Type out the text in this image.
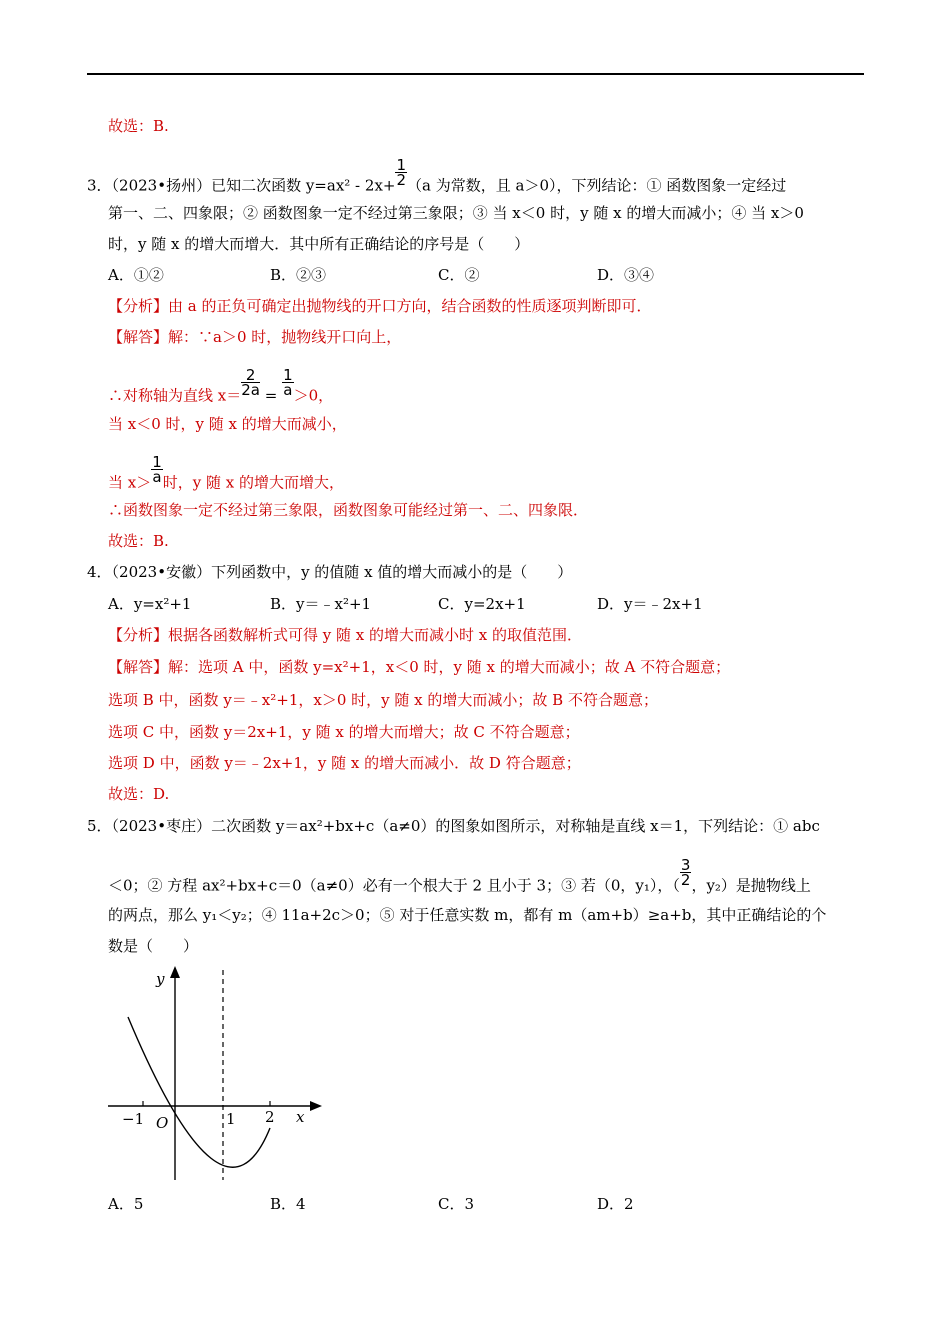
故选：B.
3．（2023•扬州）已知二次函数 $y=ax^2 - 2x+ \frac{1}{2} (a$ 为常数，且 a＞0），下列结论：① 函数图象一定经过
第一、二、四象限；② 函数图象一定不经过第三象限；③ 当 x＜0 时，y 随 x 的增大而减小；④ 当 x＞0
时，y 随 x 的增大而增大．其中所有正确结论的序号是（　　）
A．①②	B．②③	C．②	D．③④
【分析】由 a 的正负可确定出抛物线的开口方向，结合函数的性质逐项判断即可．
【解答】解：∵a＞0 时，抛物线开口向上，
∴对称轴为直线 $x= \frac{2}{2a} = \frac{1}{a} >0$，
当 x＜0 时，y 随 x 的增大而减小，
当 $x> \frac{1}{a}$ 时，y 随 x 的增大而增大，
∴函数图象一定不经过第三象限，函数图象可能经过第一、二、四象限．
故选：B.
4．（2023•安徽）下列函数中，y 的值随 x 值的增大而减小的是（　　）
A．y=x²+1	B．y＝﹣x²+1	C．y=2x+1	D．y＝﹣2x+1
【分析】根据各函数解析式可得 y 随 x 的增大而减小时 x 的取值范围．
【解答】解：选项 A 中，函数 y=x²+1，x＜0 时，y 随 x 的增大而减小；故 A 不符合题意；
选项 B 中，函数 y＝﹣x²+1，x＞0 时，y 随 x 的增大而减小；故 B 不符合题意；
选项 C 中，函数 y＝2x+1，y 随 x 的增大而增大；故 C 不符合题意；
选项 D 中，函数 y＝﹣2x+1，y 随 x 的增大而减小．故 D 符合题意；
故选：D.
5．（2023•枣庄）二次函数 y＝ax²+bx+c（a≠0）的图象如图所示，对称轴是直线 x＝1，下列结论：① abc
＜0；② 方程 ax²+bx+c＝0（a≠0）必有一个根大于 2 且小于 3；③ 若（0，y₁），（ $\frac{3}{2}$ ，y₂）是抛物线上
的两点，那么 y₁＜y₂；④ 11a+2c＞0；⑤ 对于任意实数 m，都有 m（am+b）≥a+b，其中正确结论的个
数是（　　）
y
x
O
−1	1 2
A．5	B．4	C．3	D．2
